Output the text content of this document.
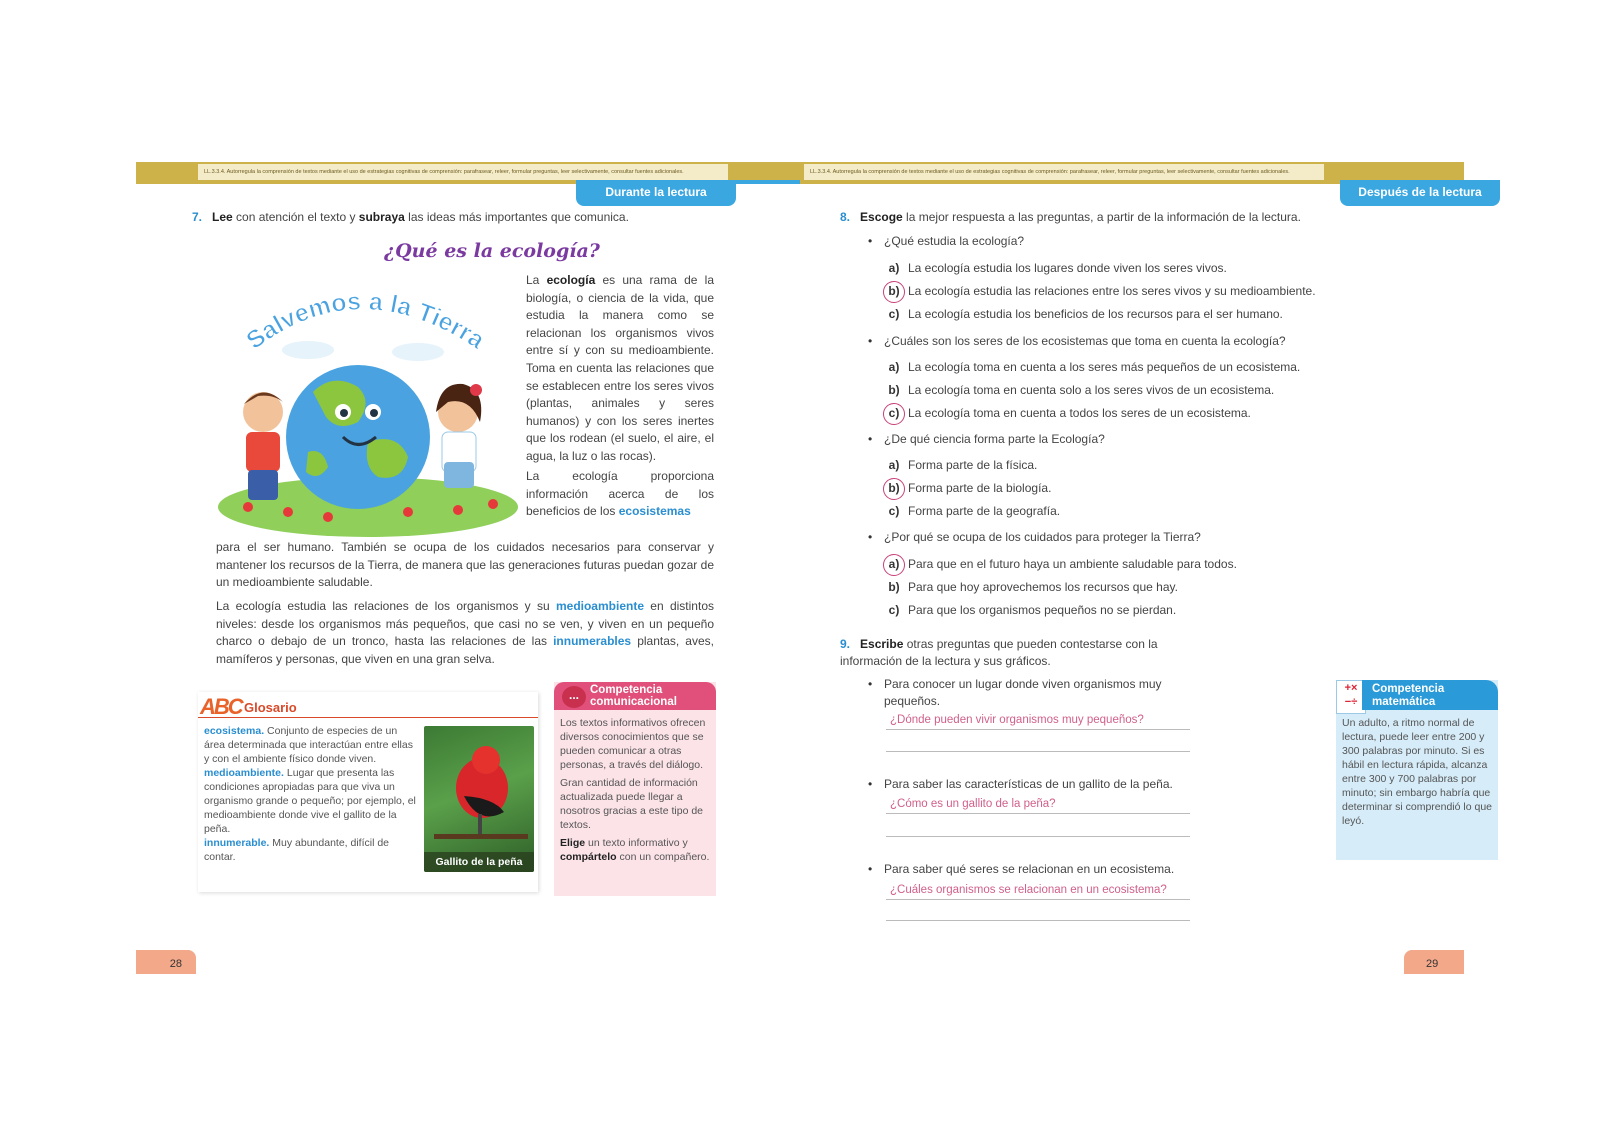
LL.3.3.4. Autorregula la comprensión de textos mediante el uso de estrategias cognitivas de comprensión: parafrasear, releer, formular preguntas, leer selectivamente, consultar fuentes adicionales.
Durante la lectura
7. Lee con atención el texto y subraya las ideas más importantes que comunica.
¿Qué es la ecología?
Salvemos a la Tierra
La ecología es una rama de la biología, o ciencia de la vida, que estudia la manera como se relacionan los organismos vivos entre sí y con su medioambiente. Toma en cuenta las relaciones que se establecen entre los seres vivos (plantas, animales y seres humanos) y con los seres inertes que los rodean (el suelo, el aire, el agua, la luz o las rocas).
La ecología proporciona información acerca de los beneficios de los ecosistemas
para el ser humano. También se ocupa de los cuidados necesarios para conservar y mantener los recursos de la Tierra, de manera que las generaciones futuras puedan gozar de un medioambiente saludable.
La ecología estudia las relaciones de los organismos y su medioambiente en distintos niveles: desde los organismos más pequeños, que casi no se ven, y viven en un pequeño charco o debajo de un tronco, hasta las relaciones de las innumerables plantas, aves, mamíferos y personas, que viven en una gran selva.
ABC Glosario
ecosistema. Conjunto de especies de un área determinada que interactúan entre ellas y con el ambiente físico donde viven.
medioambiente. Lugar que presenta las condiciones apropiadas para que viva un organismo grande o pequeño; por ejemplo, el medioambiente donde vive el gallito de la peña.
innumerable. Muy abundante, difícil de contar.	Gallito de la peña
... Competencia
comunicacional

Los textos informativos ofrecen diversos conocimientos que se pueden comunicar a otras personas, a través del diálogo.

Gran cantidad de información actualizada puede llegar a nosotros gracias a este tipo de textos.

Elige un texto informativo y compártelo con un compañero.

28
LL.3.3.4. Autorregula la comprensión de textos mediante el uso de estrategias cognitivas de comprensión: parafrasear, releer, formular preguntas, leer selectivamente, consultar fuentes adicionales.
Después de la lectura
8. Escoge la mejor respuesta a las preguntas, a partir de la información de la lectura.
• ¿Qué estudia la ecología?
a) La ecología estudia los lugares donde viven los seres vivos.
b) La ecología estudia las relaciones entre los seres vivos y su medioambiente.
c) La ecología estudia los beneficios de los recursos para el ser humano.
• ¿Cuáles son los seres de los ecosistemas que toma en cuenta la ecología?
a) La ecología toma en cuenta a los seres más pequeños de un ecosistema.
b) La ecología toma en cuenta solo a los seres vivos de un ecosistema.
c) La ecología toma en cuenta a todos los seres de un ecosistema.
• ¿De qué ciencia forma parte la Ecología?
a) Forma parte de la física.
b) Forma parte de la biología.
c) Forma parte de la geografía.
• ¿Por qué se ocupa de los cuidados para proteger la Tierra?
a) Para que en el futuro haya un ambiente saludable para todos.
b) Para que hoy aprovechemos los recursos que hay.
c) Para que los organismos pequeños no se pierdan.
9. Escribe otras preguntas que pueden contestarse con la información de la lectura y sus gráficos.
• Para conocer un lugar donde viven organismos muy pequeños.
¿Dónde pueden vivir organismos muy pequeños?
• Para saber las características de un gallito de la peña.
¿Cómo es un gallito de la peña?
• Para saber qué seres se relacionan en un ecosistema.
¿Cuáles organismos se relacionan en un ecosistema?
+× −÷
Competencia
matemática
Un adulto, a ritmo normal de lectura, puede leer entre 200 y 300 palabras por minuto. Si es hábil en lectura rápida, alcanza entre 300 y 700 palabras por minuto; sin embargo habría que determinar si comprendió lo que leyó.
29
